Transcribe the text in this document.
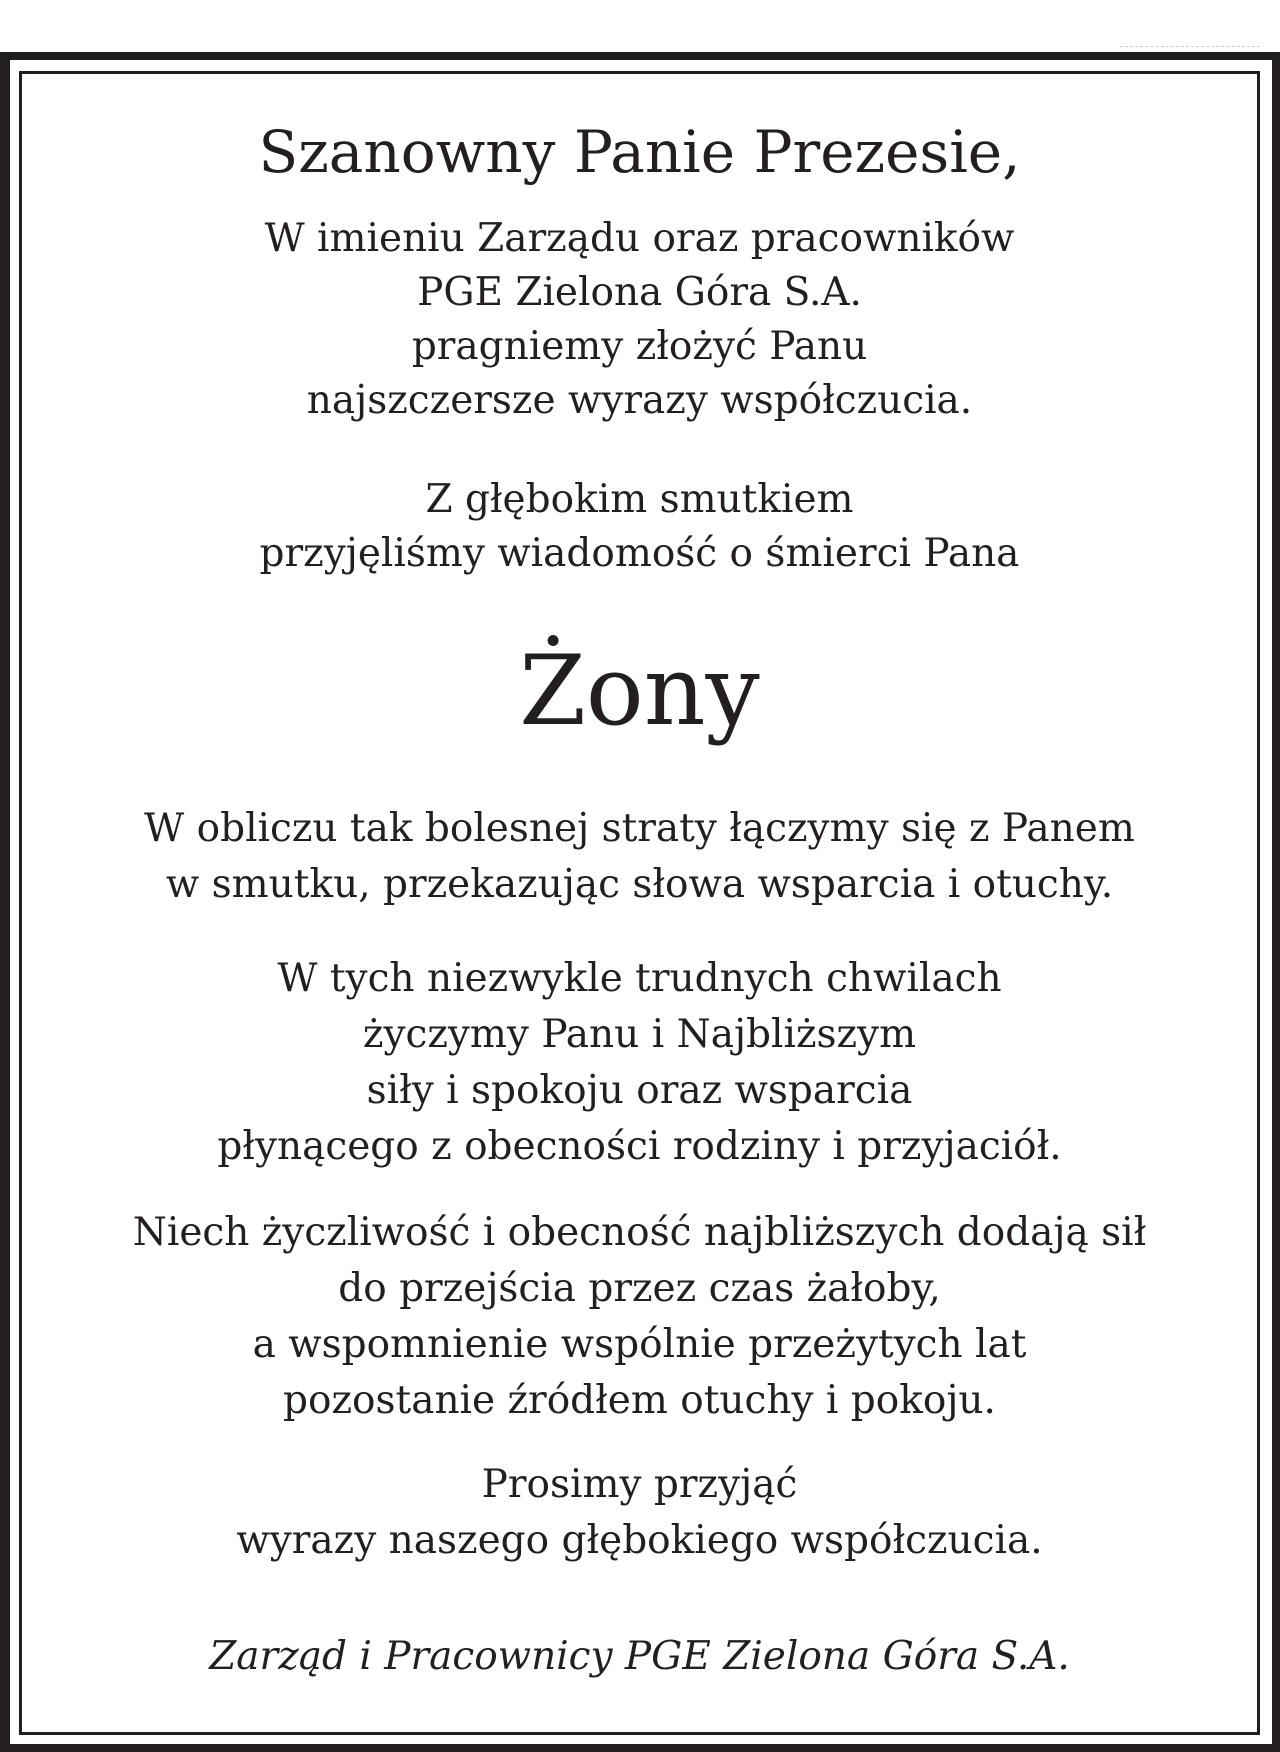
Szanowny Panie Prezesie,
W imieniu Zarządu oraz pracowników
PGE Zielona Góra S.A.
pragniemy złożyć Panu
najszczersze wyrazy współczucia.
Z głębokim smutkiem
przyjęliśmy wiadomość o śmierci Pana
Żony
W obliczu tak bolesnej straty łączymy się z Panem
w smutku, przekazując słowa wsparcia i otuchy.
W tych niezwykle trudnych chwilach
życzymy Panu i Najbliższym
siły i spokoju oraz wsparcia
płynącego z obecności rodziny i przyjaciół.
Niech życzliwość i obecność najbliższych dodają sił
do przejścia przez czas żałoby,
a wspomnienie wspólnie przeżytych lat
pozostanie źródłem otuchy i pokoju.
Prosimy przyjąć
wyrazy naszego głębokiego współczucia.
Zarząd i Pracownicy PGE Zielona Góra S.A.
